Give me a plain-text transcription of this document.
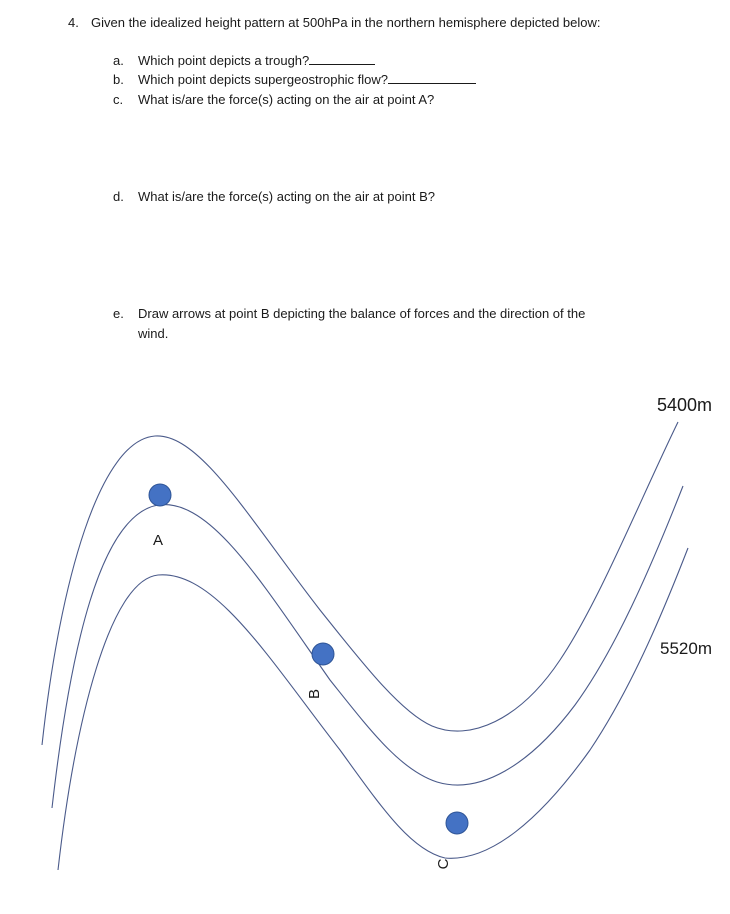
4. Given the idealized height pattern at 500hPa in the northern hemisphere depicted below:
a. Which point depicts a trough?
b. Which point depicts supergeostrophic flow?
c. What is/are the force(s) acting on the air at point A?
d. What is/are the force(s) acting on the air at point B?
e. Draw arrows at point B depicting the balance of forces and the direction of the
wind.
A
B
C
5400m
5520m
